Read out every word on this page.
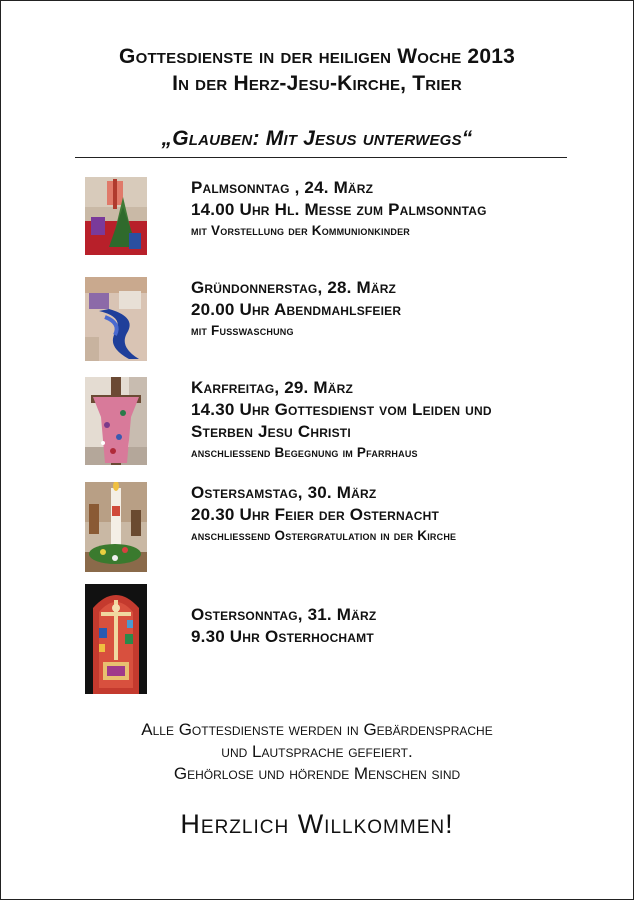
Gottesdienste in der heiligen Woche 2013
In der Herz-Jesu-Kirche, Trier
„Glauben: Mit Jesus unterwegs“
Palmsonntag , 24. März
14.00 Uhr Hl. Messe zum Palmsonntag
mit Vorstellung der Kommunionkinder
Gründonnerstag, 28. März
20.00 Uhr Abendmahlsfeier
mit Fusswaschung
Karfreitag, 29. März
14.30 Uhr Gottesdienst vom Leiden und
Sterben Jesu Christi
anschliessend Begegnung im Pfarrhaus
Ostersamstag, 30. März
20.30 Uhr Feier der Osternacht
anschliessend Ostergratulation in der Kirche
Ostersonntag, 31. März
9.30 Uhr Osterhochamt
Alle Gottesdienste werden in Gebärdensprache
und Lautsprache gefeiert.
Gehörlose und hörende Menschen sind
Herzlich Willkommen!
